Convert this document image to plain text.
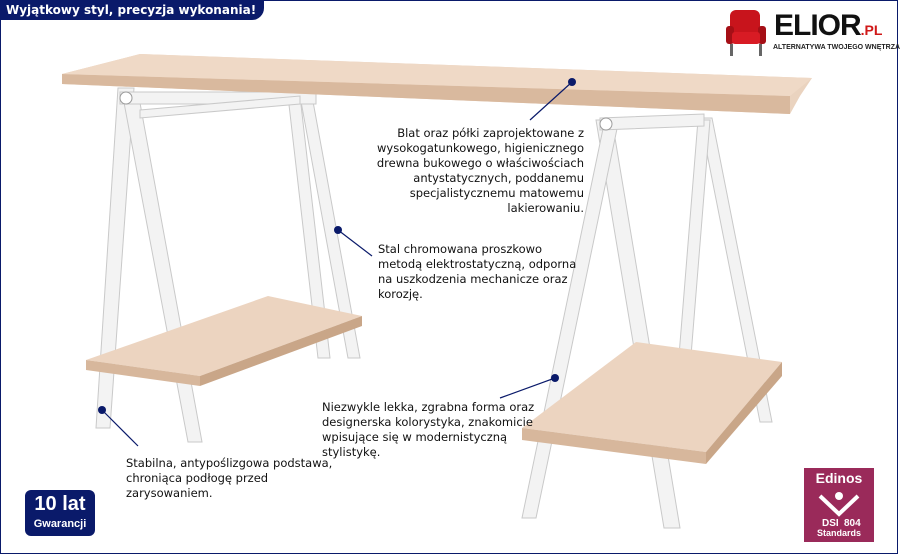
Wyjątkowy styl, precyzja wykonania!	ELIOR.PL
ALTERNATYWA TWOJEGO WNĘTRZA
Blat oraz półki zaprojektowane z wysokogatunkowego, higienicznego drewna bukowego o właściwościach antystatycznych, poddanemu specjalistycznemu matowemu lakierowaniu.
Stal chromowana proszkowo metodą elektrostatyczną, odporna na uszkodzenia mechanicze oraz korozję.
Niezwykle lekka, zgrabna forma oraz designerska kolorystyka, znakomicie wpisujące się w modernistyczną stylistykę.
Stabilna, antypoślizgowa podstawa, chroniąca podłogę przed zarysowaniem.
10 lat
Gwarancji
Edinos
DSI 804
Standards
